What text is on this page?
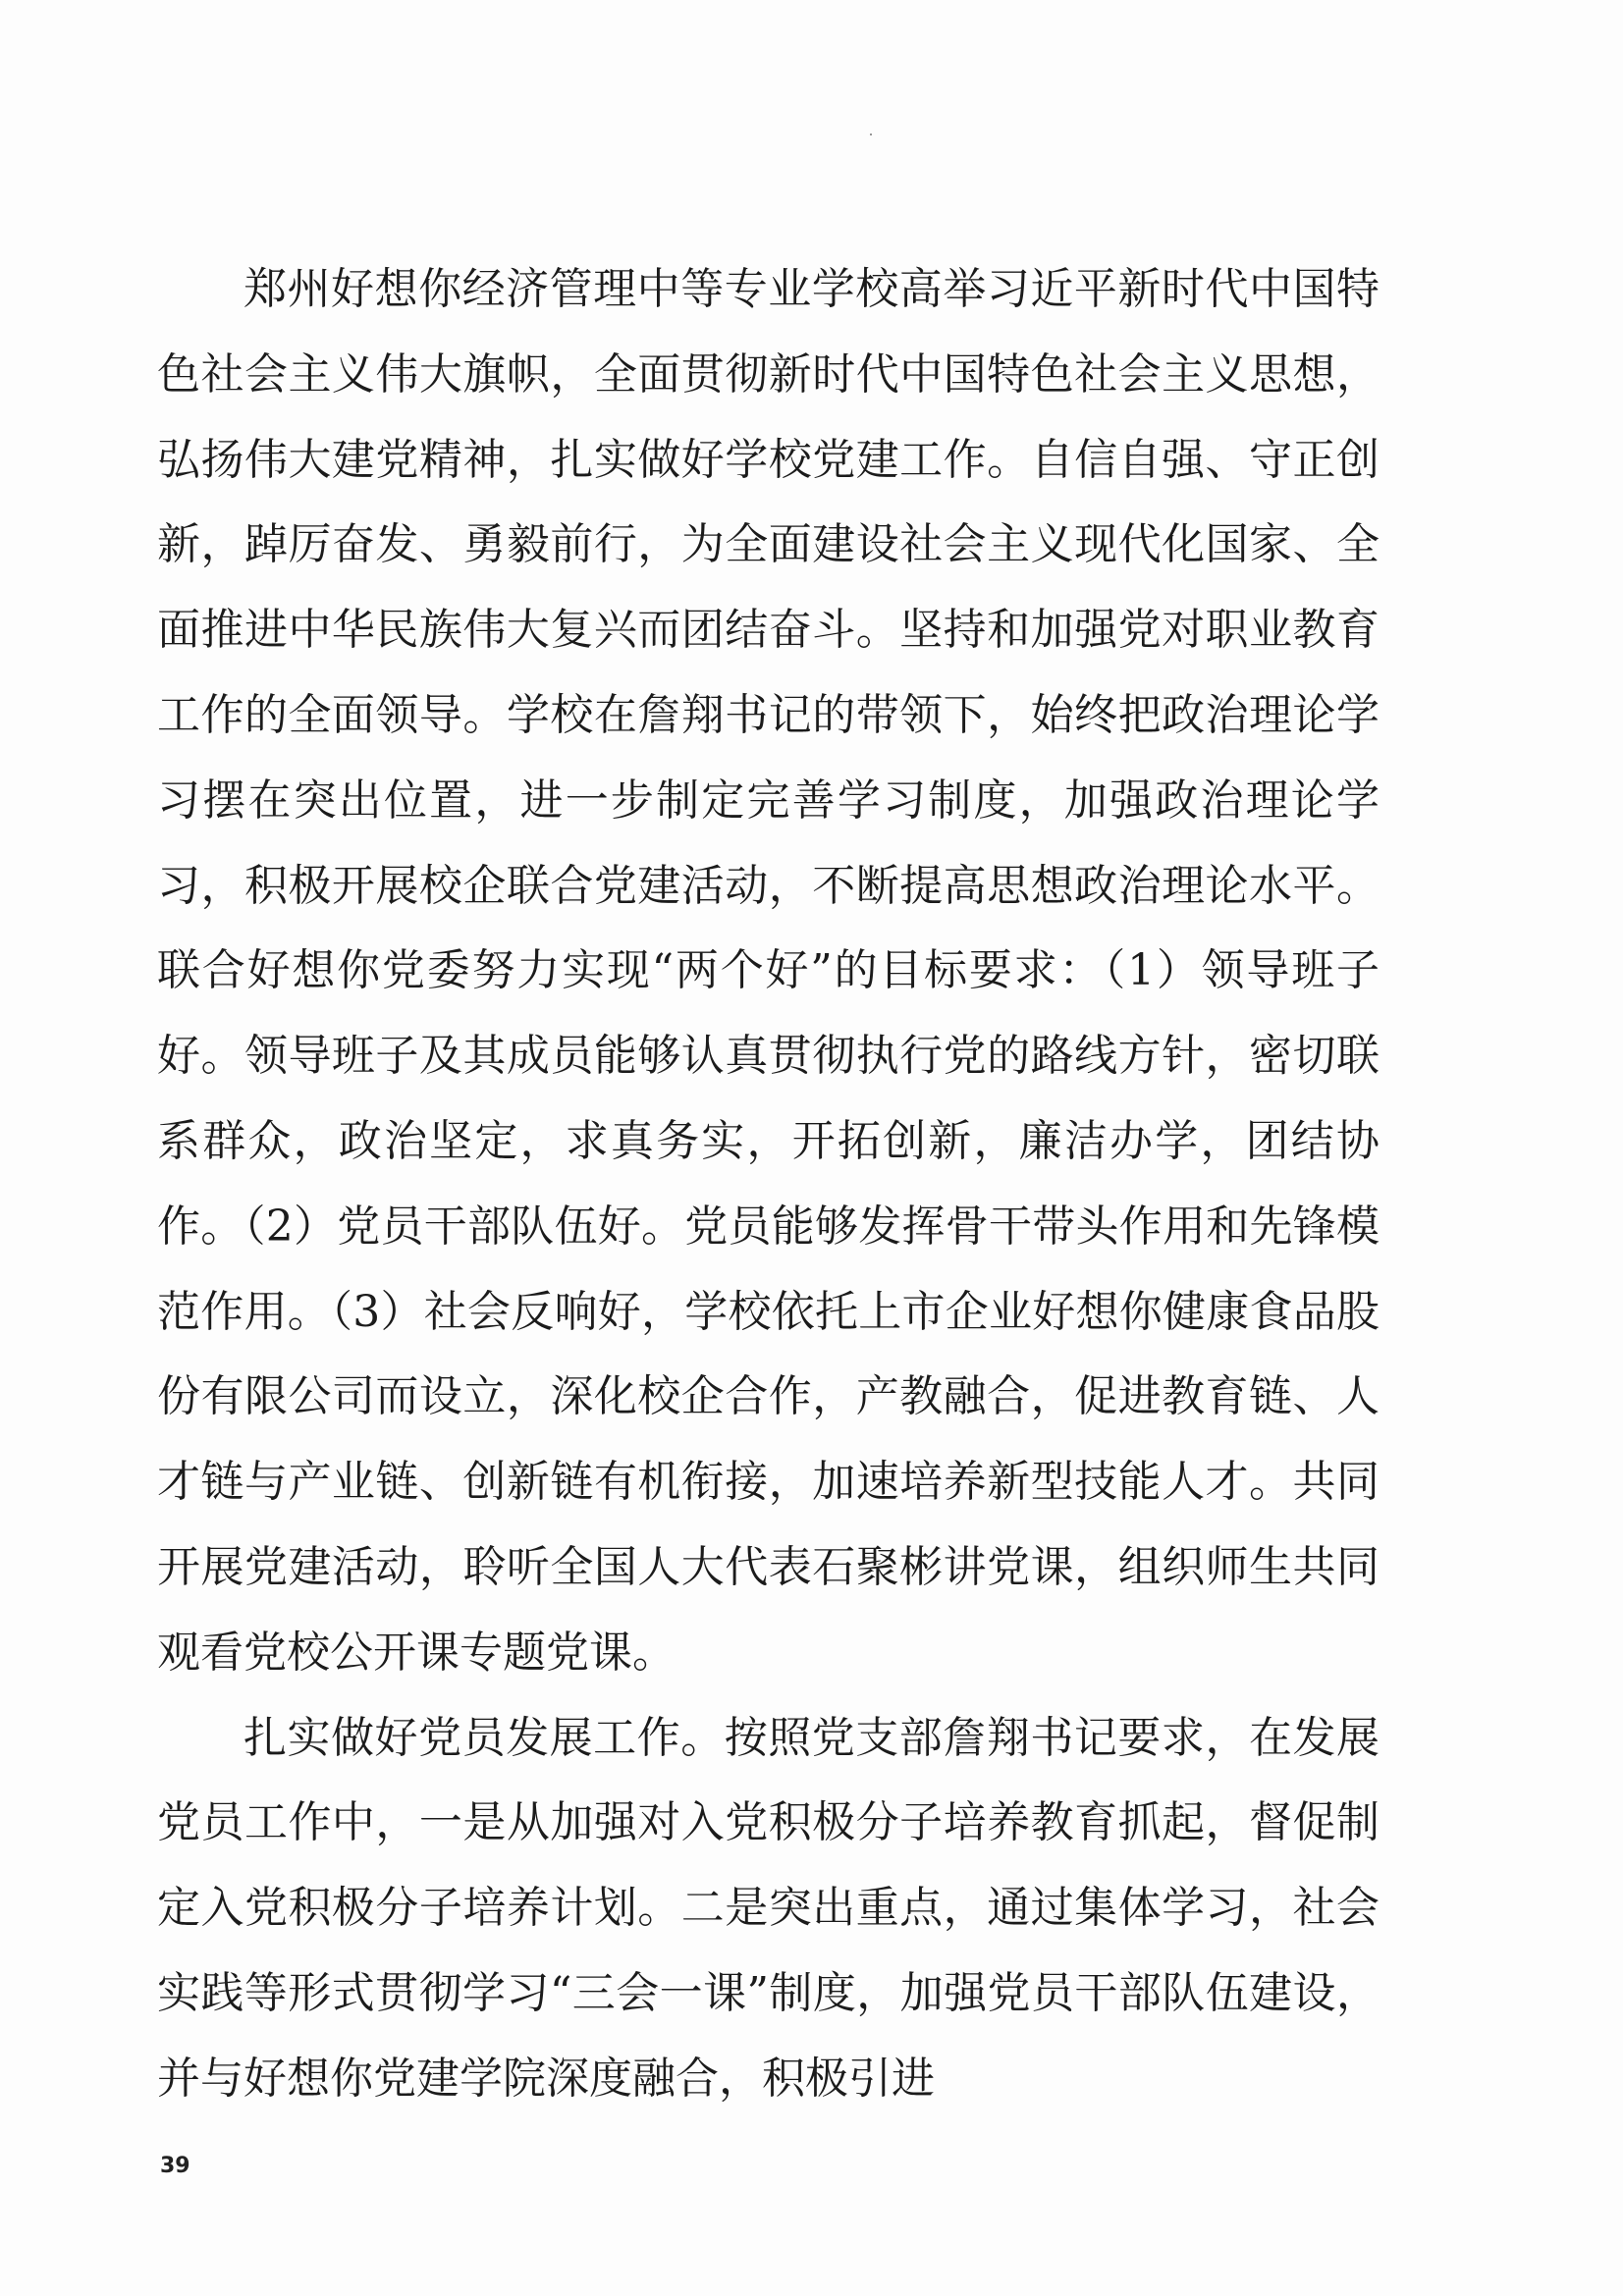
郑州好想你经济管理中等专业学校高举习近平新时代中国特色社会主义伟大旗帜，全面贯彻新时代中国特色社会主义思想，弘扬伟大建党精神，扎实做好学校党建工作。自信自强、守正创新，踔厉奋发、勇毅前行，为全面建设社会主义现代化国家、全面推进中华民族伟大复兴而团结奋斗。坚持和加强党对职业教育工作的全面领导。学校在詹翔书记的带领下，始终把政治理论学习摆在突出位置，进一步制定完善学习制度，加强政治理论学习，积极开展校企联合党建活动，不断提高思想政治理论水平。联合好想你党委努力实现“两个好”的目标要求：（1）领导班子好。领导班子及其成员能够认真贯彻执行党的路线方针，密切联系群众，政治坚定，求真务实，开拓创新，廉洁办学，团结协作。（2）党员干部队伍好。党员能够发挥骨干带头作用和先锋模范作用。（3）社会反响好，学校依托上市企业好想你健康食品股份有限公司而设立，深化校企合作，产教融合，促进教育链、人才链与产业链、创新链有机衔接，加速培养新型技能人才。共同开展党建活动，聆听全国人大代表石聚彬讲党课，组织师生共同观看党校公开课专题党课。

扎实做好党员发展工作。按照党支部詹翔书记要求，在发展党员工作中，一是从加强对入党积极分子培养教育抓起，督促制定入党积极分子培养计划。二是突出重点，通过集体学习，社会实践等形式贯彻学习“三会一课”制度，加强党员干部队伍建设，并与好想你党建学院深度融合，积极引进

39
